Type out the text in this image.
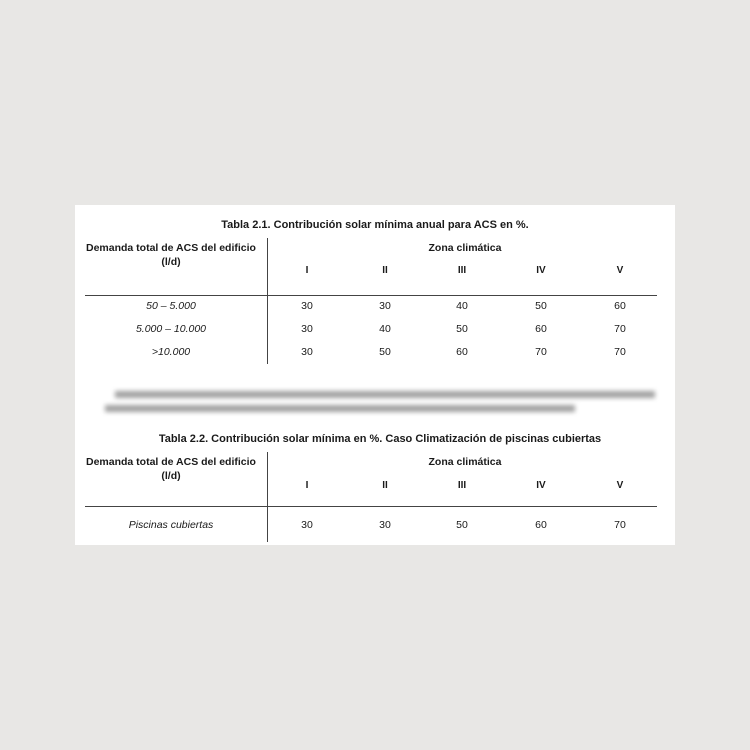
Tabla 2.1. Contribución solar mínima anual para ACS en %.
Demanda total de ACS del edificio (l/d)
Zona climática
I	II	III	IV	V
50 – 5.000	30	30	40	50	60
5.000 – 10.000	30	40	50	60	70
>10.000	30	50	60	70	70
Tabla 2.2. Contribución solar mínima en %. Caso Climatización de piscinas cubiertas
Demanda total de ACS del edificio (l/d)
Zona climática
I	II	III	IV	V
Piscinas cubiertas	30	30	50	60	70
